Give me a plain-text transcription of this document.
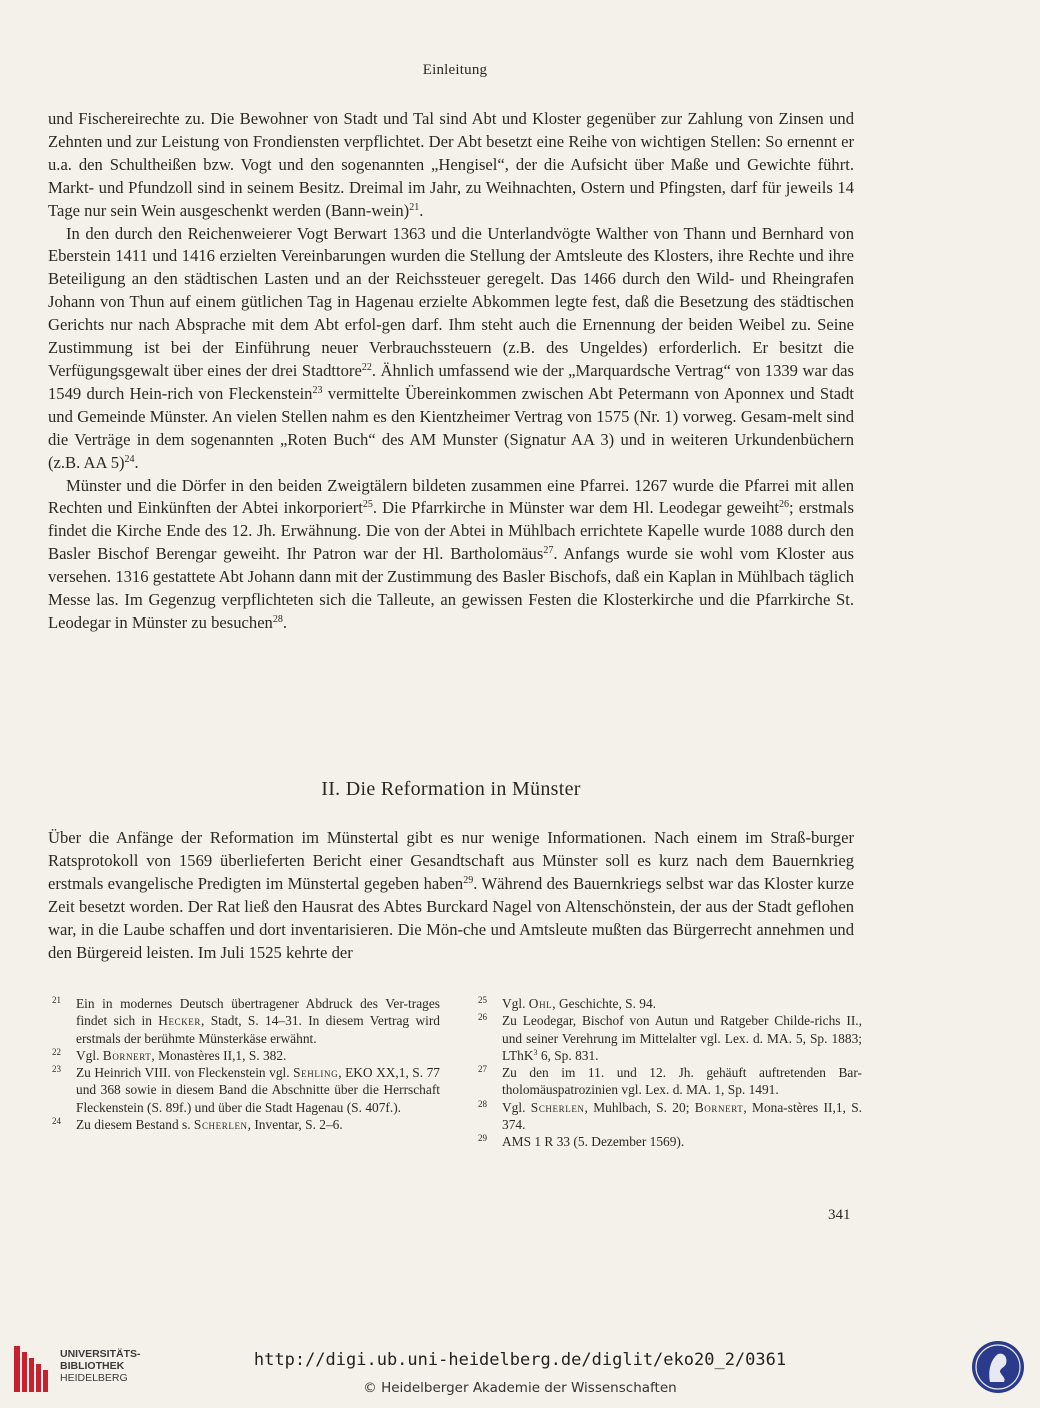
Einleitung

und Fischereirechte zu. Die Bewohner von Stadt und Tal sind Abt und Kloster gegenüber zur Zahlung von Zinsen und Zehnten und zur Leistung von Frondiensten verpflichtet. Der Abt besetzt eine Reihe von wichtigen Stellen: So ernennt er u.a. den Schultheißen bzw. Vogt und den sogenannten „Hengisel“, der die Aufsicht über Maße und Gewichte führt. Markt- und Pfundzoll sind in seinem Besitz. Dreimal im Jahr, zu Weihnachten, Ostern und Pfingsten, darf für jeweils 14 Tage nur sein Wein ausgeschenkt werden (Bann-wein)$^{21}$.

In den durch den Reichenweierer Vogt Berwart 1363 und die Unterlandvögte Walther von Thann und Bernhard von Eberstein 1411 und 1416 erzielten Vereinbarungen wurden die Stellung der Amtsleute des Klosters, ihre Rechte und ihre Beteiligung an den städtischen Lasten und an der Reichssteuer geregelt. Das 1466 durch den Wild- und Rheingrafen Johann von Thun auf einem gütlichen Tag in Hagenau erzielte Abkommen legte fest, daß die Besetzung des städtischen Gerichts nur nach Absprache mit dem Abt erfol-gen darf. Ihm steht auch die Ernennung der beiden Weibel zu. Seine Zustimmung ist bei der Einführung neuer Verbrauchssteuern (z.B. des Ungeldes) erforderlich. Er besitzt die Verfügungsgewalt über eines der drei Stadttore$^{22}$. Ähnlich umfassend wie der „Marquardsche Vertrag“ von 1339 war das 1549 durch Hein-rich von Fleckenstein$^{23}$ vermittelte Übereinkommen zwischen Abt Petermann von Aponnex und Stadt und Gemeinde Münster. An vielen Stellen nahm es den Kientzheimer Vertrag von 1575 (Nr. 1) vorweg. Gesam-melt sind die Verträge in dem sogenannten „Roten Buch“ des AM Munster (Signatur AA 3) und in weiteren Urkundenbüchern (z.B. AA 5)$^{24}$.

Münster und die Dörfer in den beiden Zweigtälern bildeten zusammen eine Pfarrei. 1267 wurde die Pfarrei mit allen Rechten und Einkünften der Abtei inkorporiert$^{25}$. Die Pfarrkirche in Münster war dem Hl. Leodegar geweiht$^{26}$; erstmals findet die Kirche Ende des 12. Jh. Erwähnung. Die von der Abtei in Mühlbach errichtete Kapelle wurde 1088 durch den Basler Bischof Berengar geweiht. Ihr Patron war der Hl. Bartholomäus$^{27}$. Anfangs wurde sie wohl vom Kloster aus versehen. 1316 gestattete Abt Johann dann mit der Zustimmung des Basler Bischofs, daß ein Kaplan in Mühlbach täglich Messe las. Im Gegenzug verpflichteten sich die Talleute, an gewissen Festen die Klosterkirche und die Pfarrkirche St. Leodegar in Münster zu besuchen$^{28}$.

II. Die Reformation in Münster

Über die Anfänge der Reformation im Münstertal gibt es nur wenige Informationen. Nach einem im Straß-burger Ratsprotokoll von 1569 überlieferten Bericht einer Gesandtschaft aus Münster soll es kurz nach dem Bauernkrieg erstmals evangelische Predigten im Münstertal gegeben haben$^{29}$. Während des Bauernkriegs selbst war das Kloster kurze Zeit besetzt worden. Der Rat ließ den Hausrat des Abtes Burckard Nagel von Altenschönstein, der aus der Stadt geflohen war, in die Laube schaffen und dort inventarisieren. Die Mön-che und Amtsleute mußten das Bürgerrecht annehmen und den Bürgereid leisten. Im Juli 1525 kehrte der

21	Ein in modernes Deutsch übertragener Abdruck des Ver-trages findet sich in Hecker, Stadt, S. 14–31. In diesem Vertrag wird erstmals der berühmte Münsterkäse erwähnt.
22	Vgl. Bornert, Monastères II,1, S. 382.
23	Zu Heinrich VIII. von Fleckenstein vgl. Sehling, EKO XX,1, S. 77 und 368 sowie in diesem Band die Abschnitte über die Herrschaft Fleckenstein (S. 89f.) und über die Stadt Hagenau (S. 407f.).
24	Zu diesem Bestand s. Scherlen, Inventar, S. 2–6.
25	Vgl. Ohl, Geschichte, S. 94.
26	Zu Leodegar, Bischof von Autun und Ratgeber Childe-richs II., und seiner Verehrung im Mittelalter vgl. Lex. d. MA. 5, Sp. 1883; LThK$^3$ 6, Sp. 831.
27	Zu den im 11. und 12. Jh. gehäuft auftretenden Bar-tholomäuspatrozinien vgl. Lex. d. MA. 1, Sp. 1491.
28	Vgl. Scherlen, Muhlbach, S. 20; Bornert, Mona-stères II,1, S. 374.
29	AMS 1 R 33 (5. Dezember 1569).
341
UNIVERSITÄTS-
BIBLIOTHEK
HEIDELBERG
http://digi.ub.uni-heidelberg.de/diglit/eko20_2/0361
© Heidelberger Akademie der Wissenschaften
